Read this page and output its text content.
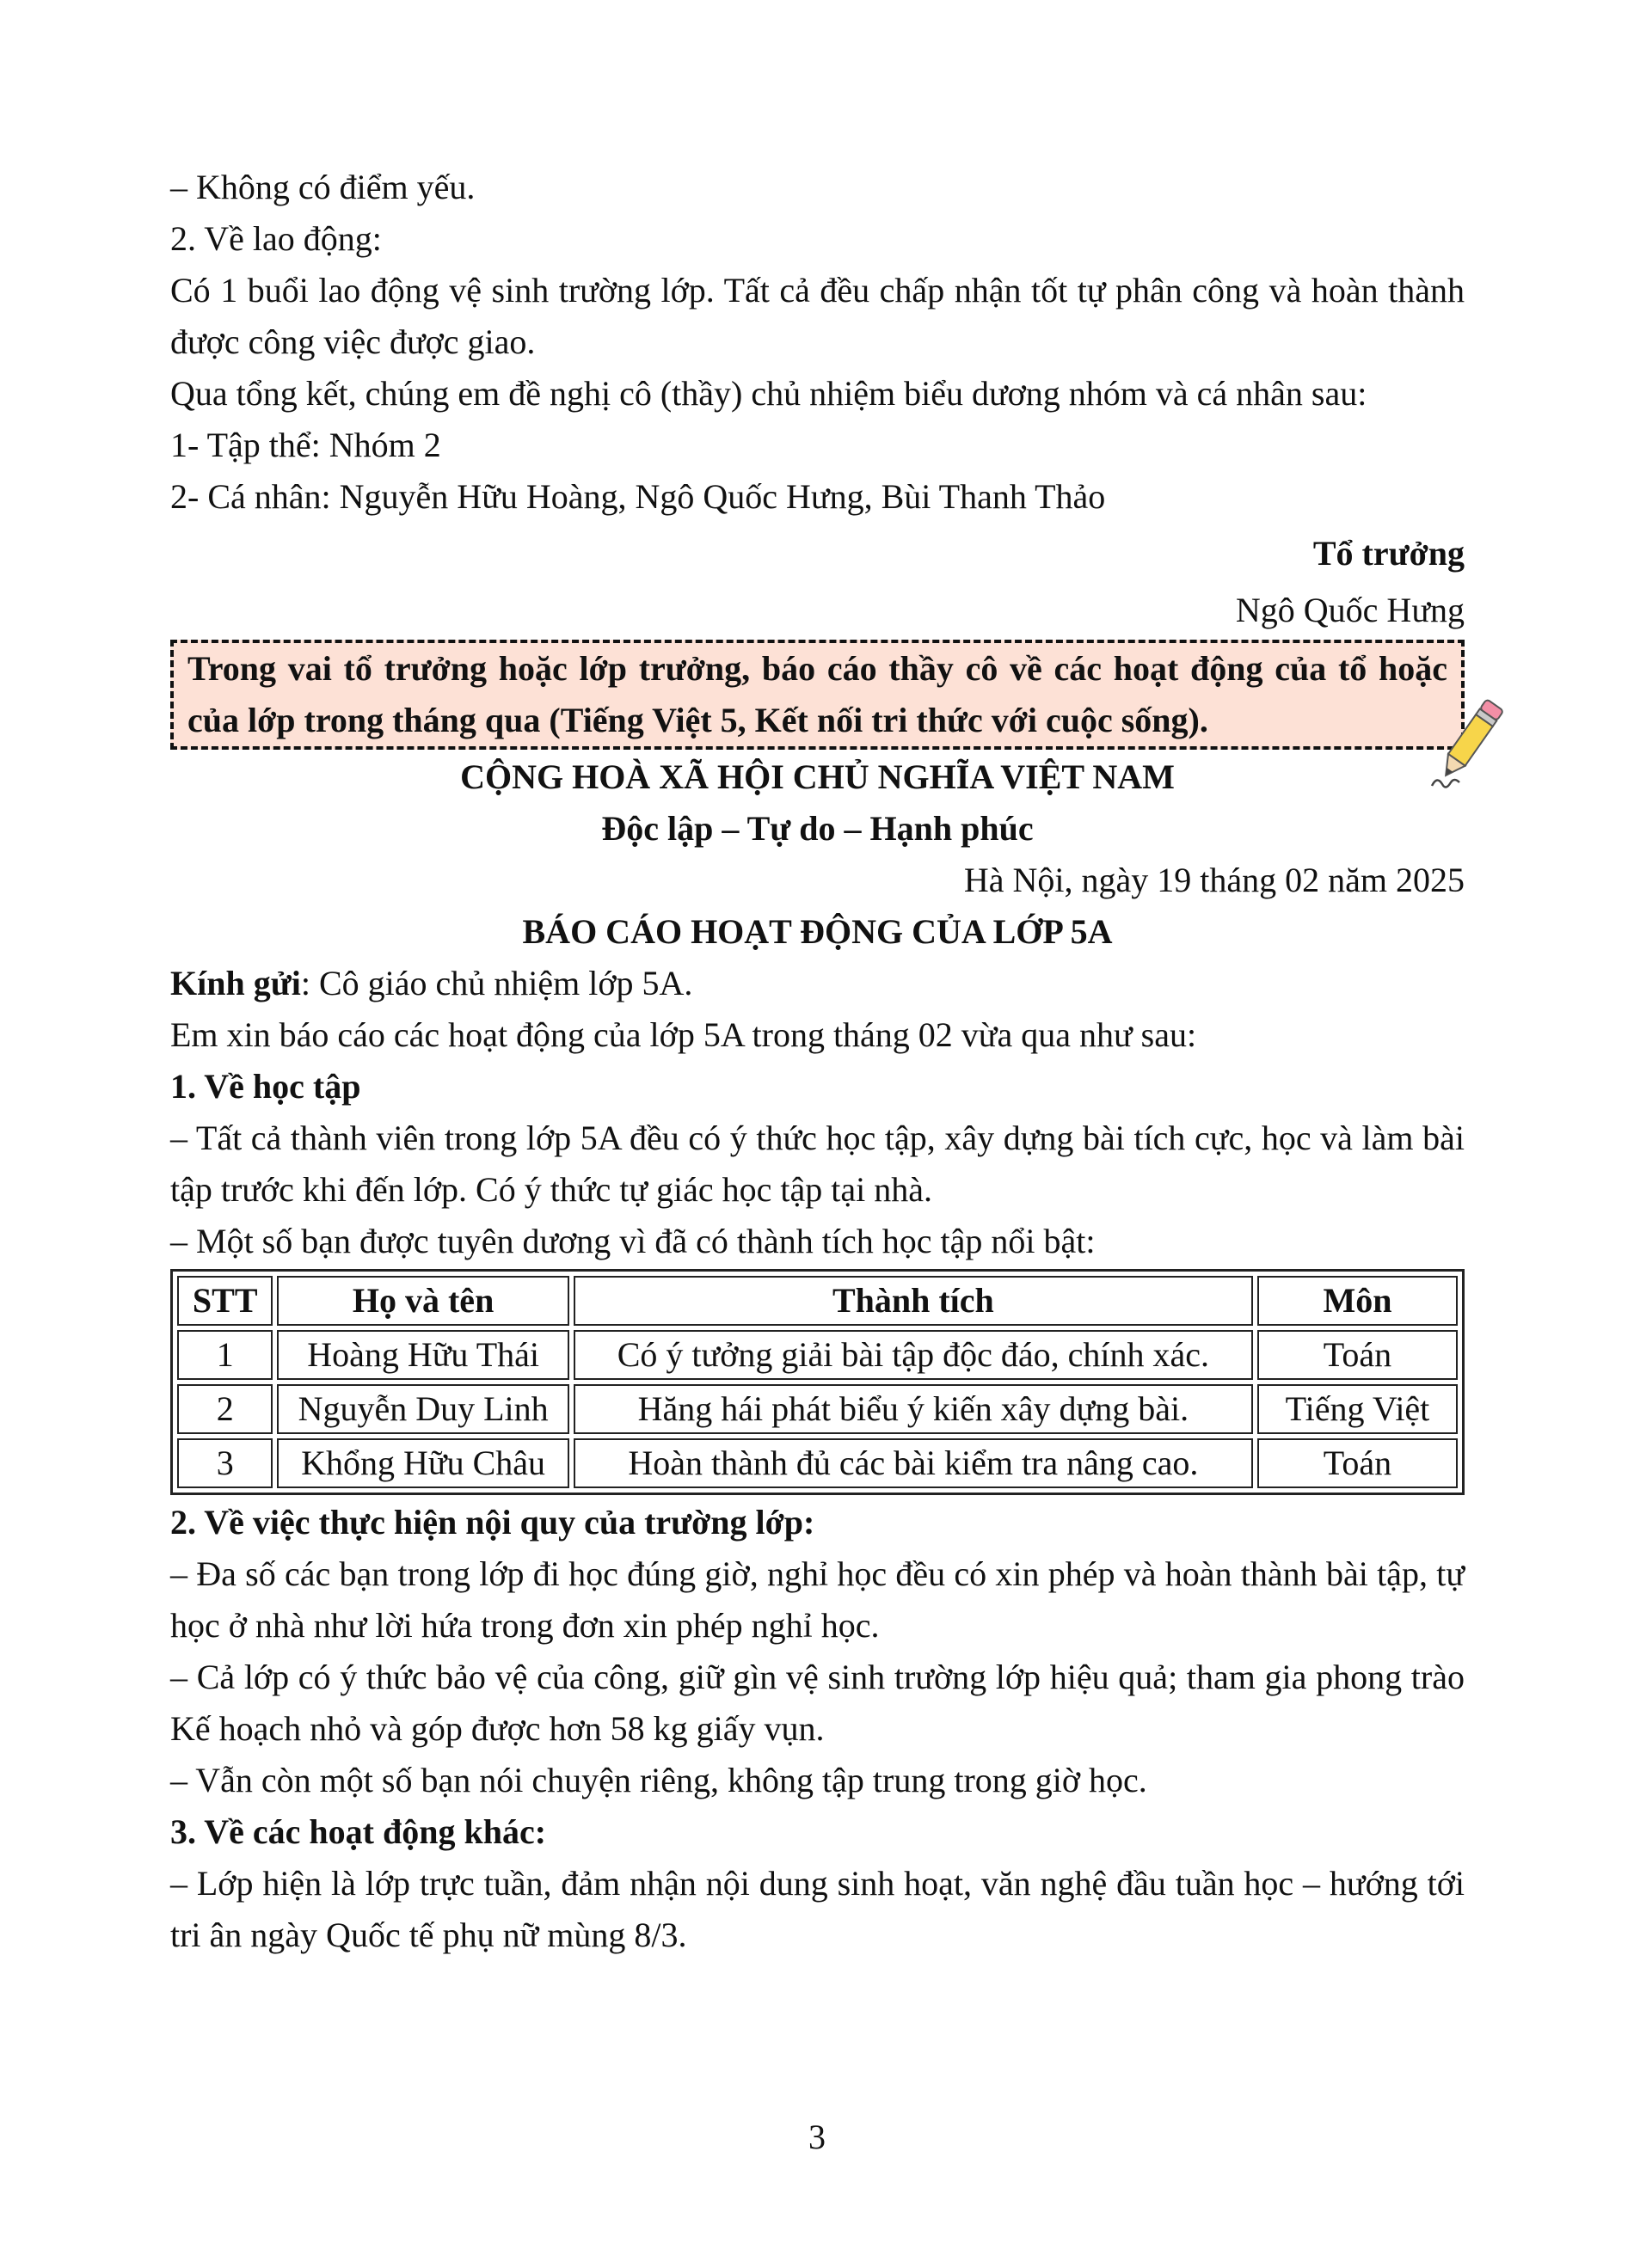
– Không có điểm yếu.

2. Về lao động:

Có 1 buổi lao động vệ sinh trường lớp. Tất cả đều chấp nhận tốt tự phân công và hoàn thành được công việc được giao.

Qua tổng kết, chúng em đề nghị cô (thầy) chủ nhiệm biểu dương nhóm và cá nhân sau:

1- Tập thể: Nhóm 2

2- Cá nhân: Nguyễn Hữu Hoàng, Ngô Quốc Hưng, Bùi Thanh Thảo

Tổ trưởng

Ngô Quốc Hưng

Trong vai tổ trưởng hoặc lớp trưởng, báo cáo thầy cô về các hoạt động của tổ hoặc của lớp trong tháng qua (Tiếng Việt 5, Kết nối tri thức với cuộc sống).

CỘNG HOÀ XÃ HỘI CHỦ NGHĨA VIỆT NAM

Độc lập – Tự do – Hạnh phúc

Hà Nội, ngày 19 tháng 02 năm 2025

BÁO CÁO HOẠT ĐỘNG CỦA LỚP 5A

Kính gửi: Cô giáo chủ nhiệm lớp 5A.

Em xin báo cáo các hoạt động của lớp 5A trong tháng 02 vừa qua như sau:

1. Về học tập

– Tất cả thành viên trong lớp 5A đều có ý thức học tập, xây dựng bài tích cực, học và làm bài tập trước khi đến lớp. Có ý thức tự giác học tập tại nhà.

– Một số bạn được tuyên dương vì đã có thành tích học tập nổi bật:

STT	Họ và tên	Thành tích	Môn
1	Hoàng Hữu Thái	Có ý tưởng giải bài tập độc đáo, chính xác.	Toán
2	Nguyễn Duy Linh	Hăng hái phát biểu ý kiến xây dựng bài.	Tiếng Việt
3	Khổng Hữu Châu	Hoàn thành đủ các bài kiểm tra nâng cao.	Toán

2. Về việc thực hiện nội quy của trường lớp:

– Đa số các bạn trong lớp đi học đúng giờ, nghỉ học đều có xin phép và hoàn thành bài tập, tự học ở nhà như lời hứa trong đơn xin phép nghỉ học.

– Cả lớp có ý thức bảo vệ của công, giữ gìn vệ sinh trường lớp hiệu quả; tham gia phong trào Kế hoạch nhỏ và góp được hơn 58 kg giấy vụn.

– Vẫn còn một số bạn nói chuyện riêng, không tập trung trong giờ học.

3. Về các hoạt động khác:

– Lớp hiện là lớp trực tuần, đảm nhận nội dung sinh hoạt, văn nghệ đầu tuần học – hướng tới tri ân ngày Quốc tế phụ nữ mùng 8/3.

3
